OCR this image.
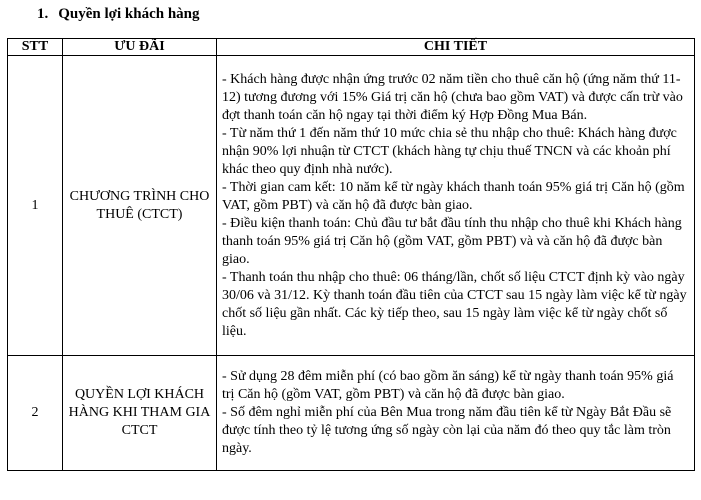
1. Quyền lợi khách hàng
STT	ƯU ĐÃI	CHI TIẾT
1	CHƯƠNG TRÌNH CHO THUÊ (CTCT)	- Khách hàng được nhận ứng trước 02 năm tiền cho thuê căn hộ (ứng năm thứ 11-12) tương đương với 15% Giá trị căn hộ (chưa bao gồm VAT) và được cấn trừ vào đợt thanh toán căn hộ ngay tại thời điểm ký Hợp Đồng Mua Bán.
- Từ năm thứ 1 đến năm thứ 10 mức chia sẻ thu nhập cho thuê: Khách hàng được nhận 90% lợi nhuận từ CTCT (khách hàng tự chịu thuế TNCN và các khoản phí khác theo quy định nhà nước).
- Thời gian cam kết: 10 năm kể từ ngày khách thanh toán 95% giá trị Căn hộ (gồm VAT, gồm PBT) và căn hộ đã được bàn giao.
- Điều kiện thanh toán: Chủ đầu tư bắt đầu tính thu nhập cho thuê khi Khách hàng thanh toán 95% giá trị Căn hộ (gồm VAT, gồm PBT) và và căn hộ đã được bàn giao.
- Thanh toán thu nhập cho thuê: 06 tháng/lần, chốt số liệu CTCT định kỳ vào ngày 30/06 và 31/12. Kỳ thanh toán đầu tiên của CTCT sau 15 ngày làm việc kể từ ngày chốt số liệu gần nhất. Các kỳ tiếp theo, sau 15 ngày làm việc kể từ ngày chốt số liệu.

2	QUYỀN LỢI KHÁCH HÀNG KHI THAM GIA CTCT	- Sử dụng 28 đêm miễn phí (có bao gồm ăn sáng) kể từ ngày thanh toán 95% giá trị Căn hộ (gồm VAT, gồm PBT) và căn hộ đã được bàn giao.
- Số đêm nghỉ miễn phí của Bên Mua trong năm đầu tiên kể từ Ngày Bắt Đầu sẽ được tính theo tỷ lệ tương ứng số ngày còn lại của năm đó theo quy tắc làm tròn ngày.
